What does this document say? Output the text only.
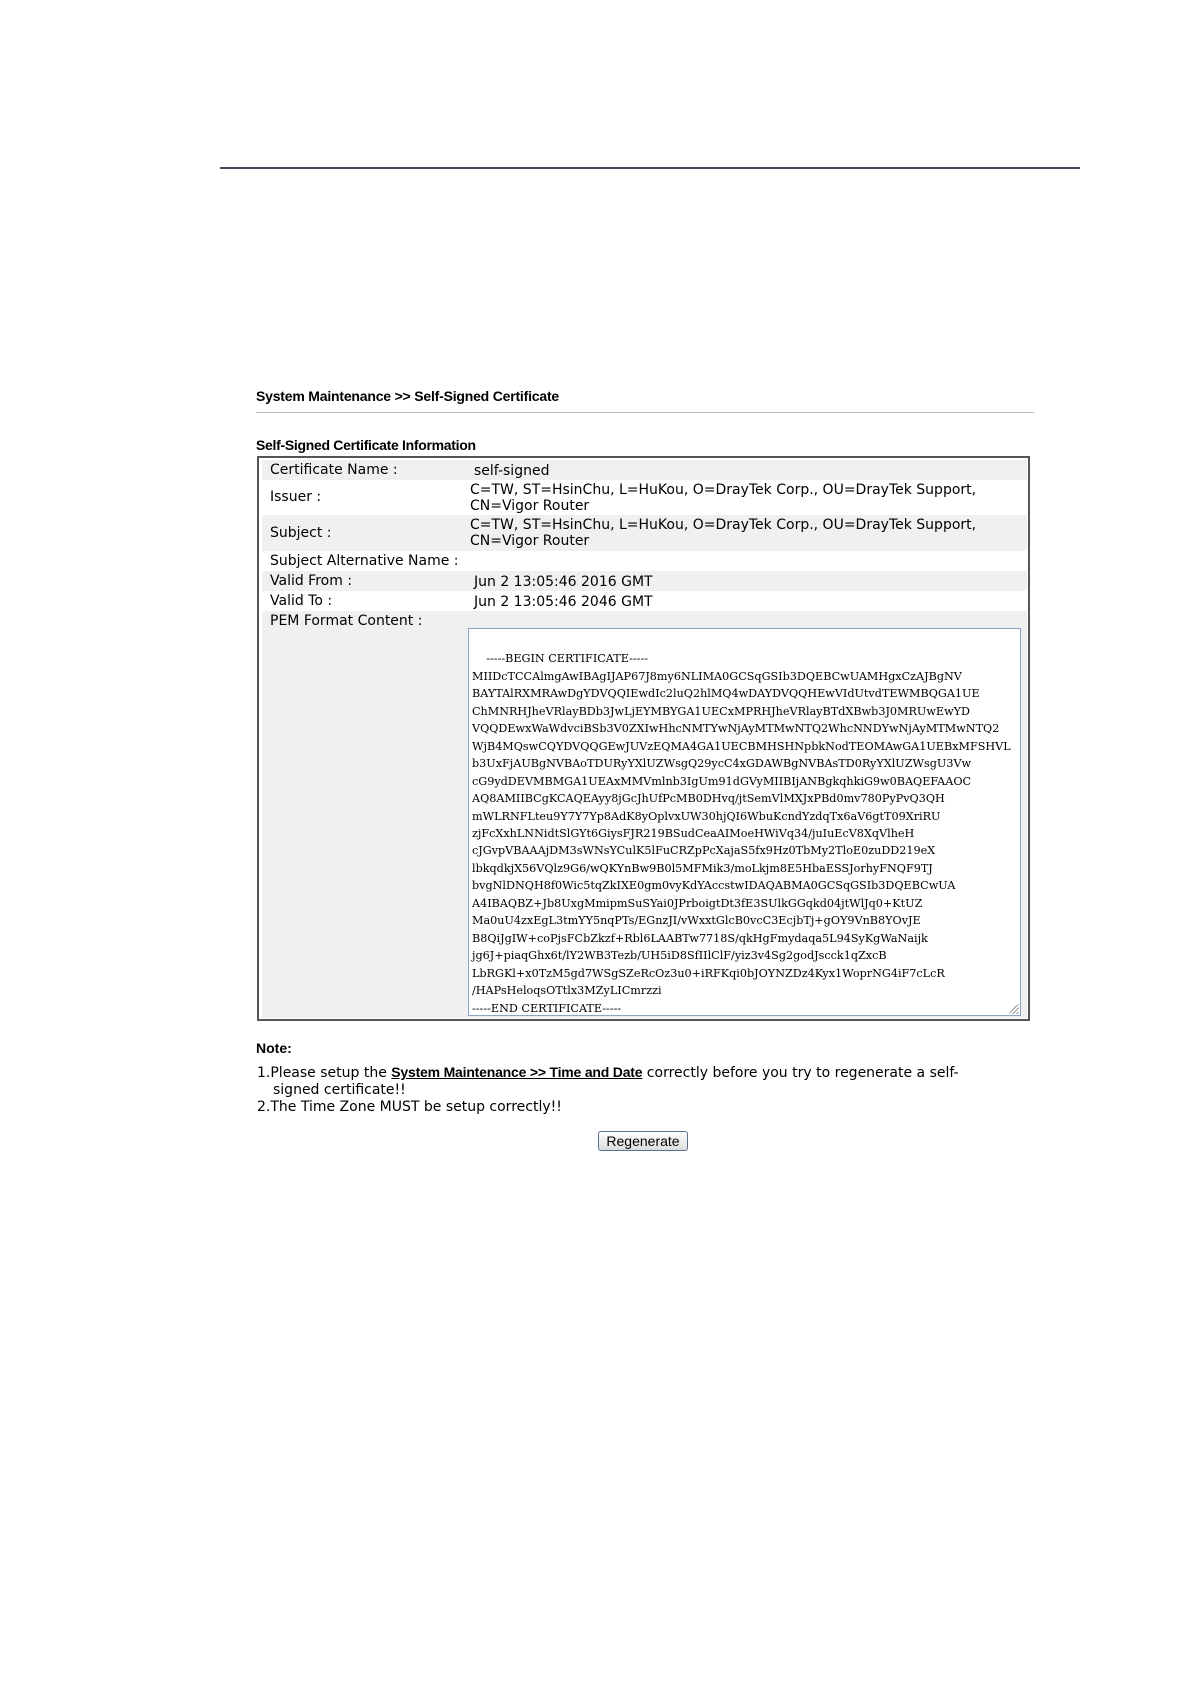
System Maintenance >> Self-Signed Certificate
Self-Signed Certificate Information
Certificate Name :	self-signed
Issuer :	C=TW, ST=HsinChu, L=HuKou, O=DrayTek Corp., OU=DrayTek Support,
CN=Vigor Router
Subject :	C=TW, ST=HsinChu, L=HuKou, O=DrayTek Corp., OU=DrayTek Support,
CN=Vigor Router
Subject Alternative Name :
Valid From :	Jun 2 13:05:46 2016 GMT
Valid To :	Jun 2 13:05:46 2046 GMT
PEM Format Content :

-----BEGIN CERTIFICATE-----
MIIDcTCCAlmgAwIBAgIJAP67J8my6NLIMA0GCSqGSIb3DQEBCwUAMHgxCzAJBgNV
BAYTAlRXMRAwDgYDVQQIEwdIc2luQ2hlMQ4wDAYDVQQHEwVIdUtvdTEWMBQGA1UE
ChMNRHJheVRlayBDb3JwLjEYMBYGA1UECxMPRHJheVRlayBTdXBwb3J0MRUwEwYD
VQQDEwxWaWdvciBSb3V0ZXIwHhcNMTYwNjAyMTMwNTQ2WhcNNDYwNjAyMTMwNTQ2
WjB4MQswCQYDVQQGEwJUVzEQMA4GA1UECBMHSHNpbkNodTEOMAwGA1UEBxMFSHVL
b3UxFjAUBgNVBAoTDURyYXlUZWsgQ29ycC4xGDAWBgNVBAsTD0RyYXlUZWsgU3Vw
cG9ydDEVMBMGA1UEAxMMVmlnb3IgUm91dGVyMIIBIjANBgkqhkiG9w0BAQEFAAOC
AQ8AMIIBCgKCAQEAyy8jGcJhUfPcMB0DHvq/jtSemVlMXJxPBd0mv780PyPvQ3QH
mWLRNFLteu9Y7Y7Yp8AdK8yOplvxUW30hjQI6WbuKcndYzdqTx6aV6gtT09XriRU
zjFcXxhLNNidtSlGYt6GiysFJR219BSudCeaAIMoeHWiVq34/juIuEcV8XqVlheH
cJGvpVBAAAjDM3sWNsYCulK5lFuCRZpPcXajaS5fx9Hz0TbMy2TloE0zuDD219eX
lbkqdkjX56VQlz9G6/wQKYnBw9B0l5MFMik3/moLkjm8E5HbaESSJorhyFNQF9TJ
bvgNlDNQH8f0Wic5tqZkIXE0gm0vyKdYAccstwIDAQABMA0GCSqGSIb3DQEBCwUA
A4IBAQBZ+Jb8UxgMmipmSuSYai0JPrboigtDt3fE3SUlkGGqkd04jtWlJq0+KtUZ
Ma0uU4zxEgL3tmYY5nqPTs/EGnzJI/vWxxtGlcB0vcC3EcjbTj+gOY9VnB8YOvJE
B8QiJgIW+coPjsFCbZkzf+Rbl6LAABTw7718S/qkHgFmydaqa5L94SyKgWaNaijk
jg6J+piaqGhx6t/lY2WB3Tezb/UH5iD8SfIIlClF/yiz3v4Sg2godJscck1qZxcB
LbRGKl+x0TzM5gd7WSgSZeRcOz3u0+iRFKqi0bJOYNZDz4Kyx1WoprNG4iF7cLcR
/HAPsHeloqsOTtlx3MZyLICmrzzi
-----END CERTIFICATE-----

Note:
1.Please setup the System Maintenance >> Time and Date correctly before you try to regenerate a self-
signed certificate!!
2.The Time Zone MUST be setup correctly!!
Regenerate
